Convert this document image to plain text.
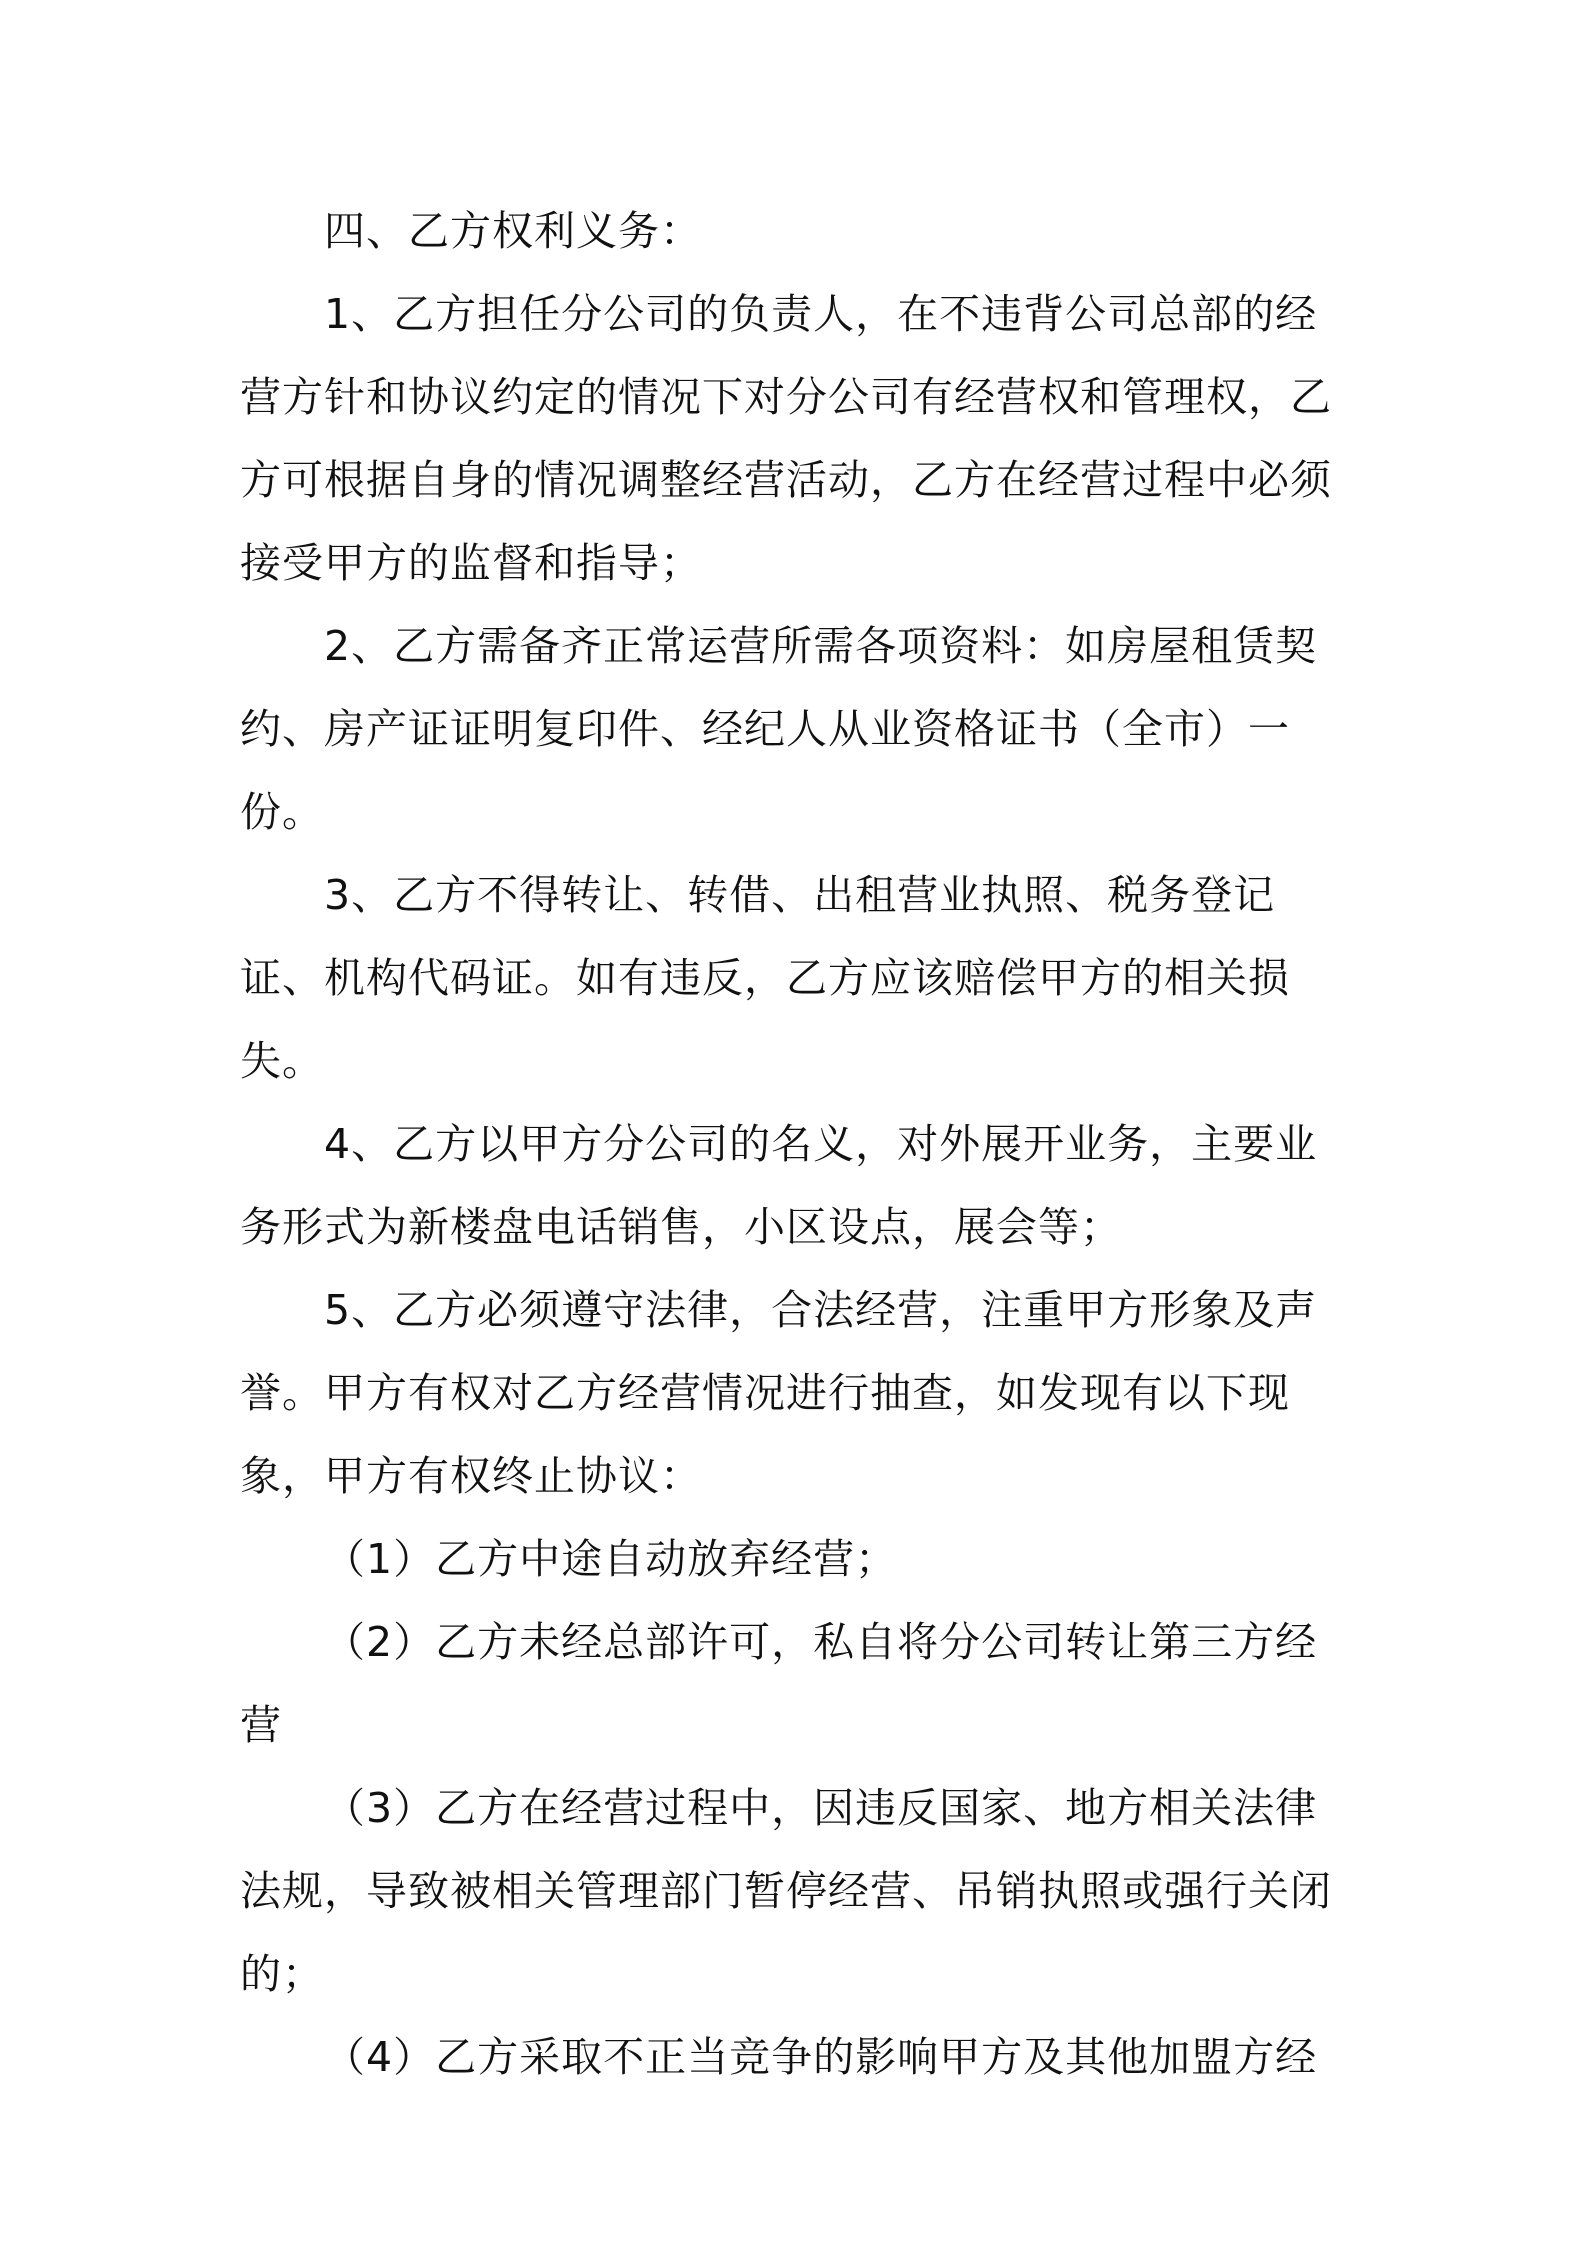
四、乙方权利义务：

1、乙方担任分公司的负责人，在不违背公司总部的经营方针和协议约定的情况下对分公司有经营权和管理权，乙方可根据自身的情况调整经营活动，乙方在经营过程中必须接受甲方的监督和指导；

2、乙方需备齐正常运营所需各项资料：如房屋租赁契约、房产证证明复印件、经纪人从业资格证书（全市）一份。

3、乙方不得转让、转借、出租营业执照、税务登记证、机构代码证。如有违反，乙方应该赔偿甲方的相关损失。

4、乙方以甲方分公司的名义，对外展开业务，主要业务形式为新楼盘电话销售，小区设点，展会等；

5、乙方必须遵守法律，合法经营，注重甲方形象及声誉。甲方有权对乙方经营情况进行抽查，如发现有以下现象，甲方有权终止协议：

（1）乙方中途自动放弃经营；

（2）乙方未经总部许可，私自将分公司转让第三方经营

（3）乙方在经营过程中，因违反国家、地方相关法律法规，导致被相关管理部门暂停经营、吊销执照或强行关闭的；

（4）乙方采取不正当竞争的影响甲方及其他加盟方经
